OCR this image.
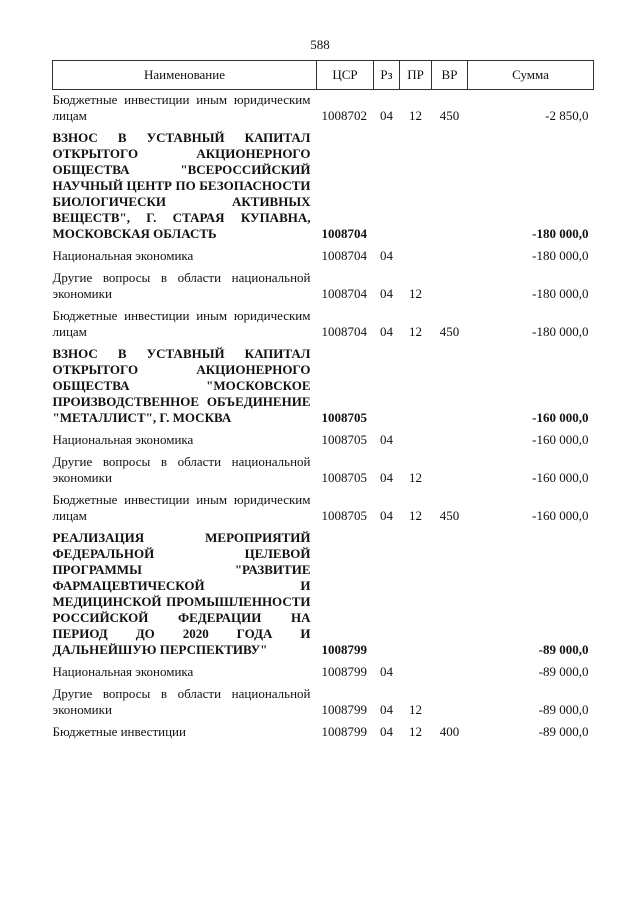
588
Наименование	ЦСР	Рз	ПР	ВР	Сумма
Бюджетные инвестиции иным юридическим лицам	1008702	04	12	450	-2 850,0
ВЗНОС В УСТАВНЫЙ КАПИТАЛ ОТКРЫТОГО АКЦИОНЕРНОГО ОБЩЕСТВА "ВСЕРОССИЙСКИЙ НАУЧНЫЙ ЦЕНТР ПО БЕЗОПАСНОСТИ БИОЛОГИЧЕСКИ АКТИВНЫХ ВЕЩЕСТВ", Г. СТАРАЯ КУПАВНА, МОСКОВСКАЯ ОБЛАСТЬ	1008704				-180 000,0
Национальная экономика	1008704	04			-180 000,0
Другие вопросы в области национальной экономики	1008704	04	12		-180 000,0
Бюджетные инвестиции иным юридическим лицам	1008704	04	12	450	-180 000,0
ВЗНОС В УСТАВНЫЙ КАПИТАЛ ОТКРЫТОГО АКЦИОНЕРНОГО ОБЩЕСТВА "МОСКОВСКОЕ ПРОИЗВОДСТВЕННОЕ ОБЪЕДИНЕНИЕ "МЕТАЛЛИСТ", Г. МОСКВА	1008705				-160 000,0
Национальная экономика	1008705	04			-160 000,0
Другие вопросы в области национальной экономики	1008705	04	12		-160 000,0
Бюджетные инвестиции иным юридическим лицам	1008705	04	12	450	-160 000,0
РЕАЛИЗАЦИЯ МЕРОПРИЯТИЙ ФЕДЕРАЛЬНОЙ ЦЕЛЕВОЙ ПРОГРАММЫ "РАЗВИТИЕ ФАРМАЦЕВТИЧЕСКОЙ И МЕДИЦИНСКОЙ ПРОМЫШЛЕННОСТИ РОССИЙСКОЙ ФЕДЕРАЦИИ НА ПЕРИОД ДО 2020 ГОДА И ДАЛЬНЕЙШУЮ ПЕРСПЕКТИВУ"	1008799				-89 000,0
Национальная экономика	1008799	04			-89 000,0
Другие вопросы в области национальной экономики	1008799	04	12		-89 000,0
Бюджетные инвестиции	1008799	04	12	400	-89 000,0
